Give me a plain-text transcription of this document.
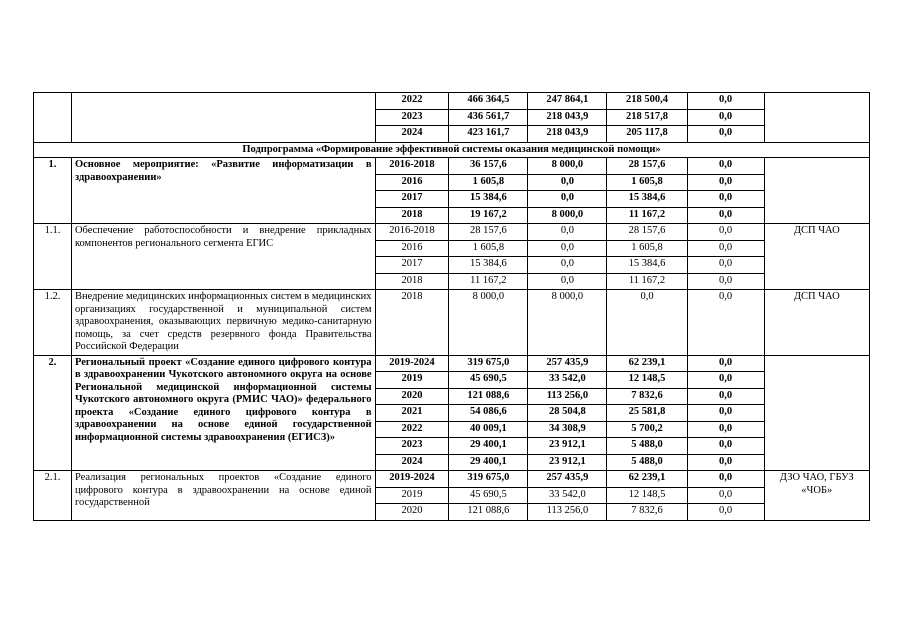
		2022	466 364,5	247 864,1	218 500,4	0,0	
		2023	436 561,7	218 043,9	218 517,8	0,0	
		2024	423 161,7	218 043,9	205 117,8	0,0	
Подпрограмма «Формирование эффективной системы оказания медицинской помощи»							
1.	Основное мероприятие: «Развитие информатизации в здравоохранении»	2016-2018	36 157,6	8 000,0	28 157,6	0,0	
		2016	1 605,8	0,0	1 605,8	0,0	
		2017	15 384,6	0,0	15 384,6	0,0	
		2018	19 167,2	8 000,0	11 167,2	0,0	
1.1.	Обеспечение работоспособности и внедрение прикладных компонентов регионального сегмента ЕГИС	2016-2018	28 157,6	0,0	28 157,6	0,0	ДСП ЧАО
		2016	1 605,8	0,0	1 605,8	0,0	
		2017	15 384,6	0,0	15 384,6	0,0	
		2018	11 167,2	0,0	11 167,2	0,0	
1.2.	Внедрение медицинских информационных систем в медицинских организациях государственной и муниципальной систем здравоохранения, оказывающих первичную медико-санитарную помощь, за счет средств резервного фонда Правительства Российской Федерации	2018	8 000,0	8 000,0	0,0	0,0	ДСП ЧАО
2.	Региональный проект «Создание единого цифрового контура в здравоохранении Чукотского автономного округа на основе Региональной медицинской информационной системы Чукотского автономного округа (РМИС ЧАО)» федерального проекта «Создание единого цифрового контура в здравоохранении на основе единой государственной информационной системы здравоохранения (ЕГИСЗ)»	2019-2024	319 675,0	257 435,9	62 239,1	0,0	
		2019	45 690,5	33 542,0	12 148,5	0,0	
		2020	121 088,6	113 256,0	7 832,6	0,0	
		2021	54 086,6	28 504,8	25 581,8	0,0	
		2022	40 009,1	34 308,9	5 700,2	0,0	
		2023	29 400,1	23 912,1	5 488,0	0,0	
		2024	29 400,1	23 912,1	5 488,0	0,0	
2.1.	Реализация региональных проектов «Создание единого цифрового контура в здравоохранении на основе единой государственной	2019-2024	319 675,0	257 435,9	62 239,1	0,0	ДЗО ЧАО, ГБУЗ «ЧОБ»
		2019	45 690,5	33 542,0	12 148,5	0,0	
		2020	121 088,6	113 256,0	7 832,6	0,0	
